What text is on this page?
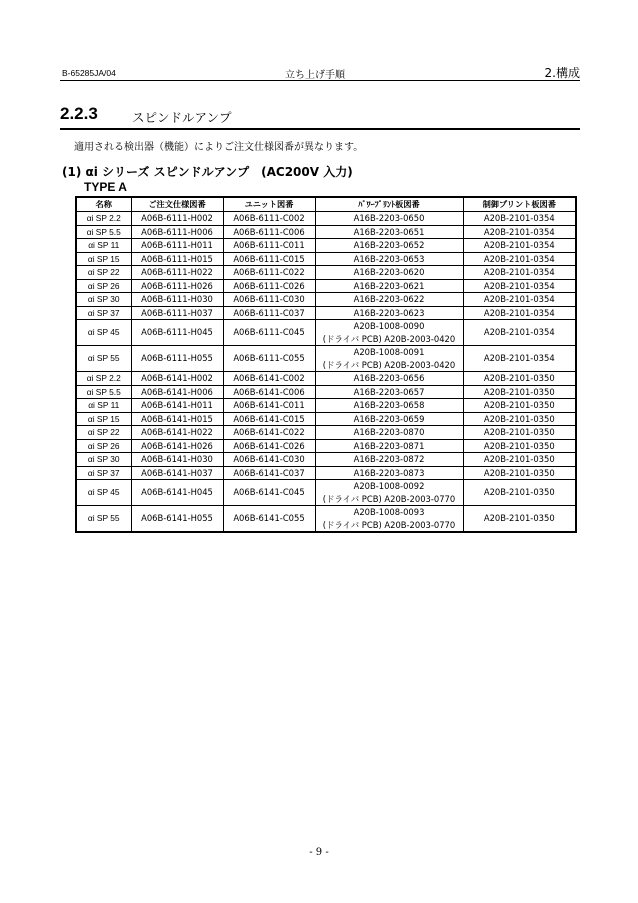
B-65285JA/04	立ち上げ手順	2.構成
2.2.3	スピンドルアンプ
適用される検出器（機能）によりご注文仕様図番が異なります。
(1) αi シリーズ スピンドルアンプ　(AC200V 入力)
TYPE A
名称	ご注文仕様図番	ユニット図番	ﾊﾟﾜｰﾌﾟﾘﾝﾄ板図番	制御プリント板図番
αi SP 2.2	A06B-6111-H002	A06B-6111-C002	A16B-2203-0650	A20B-2101-0354
αi SP 5.5	A06B-6111-H006	A06B-6111-C006	A16B-2203-0651	A20B-2101-0354
αi SP 11	A06B-6111-H011	A06B-6111-C011	A16B-2203-0652	A20B-2101-0354
αi SP 15	A06B-6111-H015	A06B-6111-C015	A16B-2203-0653	A20B-2101-0354
αi SP 22	A06B-6111-H022	A06B-6111-C022	A16B-2203-0620	A20B-2101-0354
αi SP 26	A06B-6111-H026	A06B-6111-C026	A16B-2203-0621	A20B-2101-0354
αi SP 30	A06B-6111-H030	A06B-6111-C030	A16B-2203-0622	A20B-2101-0354
αi SP 37	A06B-6111-H037	A06B-6111-C037	A16B-2203-0623	A20B-2101-0354
αi SP 45	A06B-6111-H045	A06B-6111-C045	A20B-1008-0090
(ドライバ PCB) A20B-2003-0420	A20B-2101-0354
αi SP 55	A06B-6111-H055	A06B-6111-C055	A20B-1008-0091
(ドライバ PCB) A20B-2003-0420	A20B-2101-0354
αi SP 2.2	A06B-6141-H002	A06B-6141-C002	A16B-2203-0656	A20B-2101-0350
αi SP 5.5	A06B-6141-H006	A06B-6141-C006	A16B-2203-0657	A20B-2101-0350
αi SP 11	A06B-6141-H011	A06B-6141-C011	A16B-2203-0658	A20B-2101-0350
αi SP 15	A06B-6141-H015	A06B-6141-C015	A16B-2203-0659	A20B-2101-0350
αi SP 22	A06B-6141-H022	A06B-6141-C022	A16B-2203-0870	A20B-2101-0350
αi SP 26	A06B-6141-H026	A06B-6141-C026	A16B-2203-0871	A20B-2101-0350
αi SP 30	A06B-6141-H030	A06B-6141-C030	A16B-2203-0872	A20B-2101-0350
αi SP 37	A06B-6141-H037	A06B-6141-C037	A16B-2203-0873	A20B-2101-0350
αi SP 45	A06B-6141-H045	A06B-6141-C045	A20B-1008-0092
(ドライバ PCB) A20B-2003-0770	A20B-2101-0350
αi SP 55	A06B-6141-H055	A06B-6141-C055	A20B-1008-0093
(ドライバ PCB) A20B-2003-0770	A20B-2101-0350
- 9 -
